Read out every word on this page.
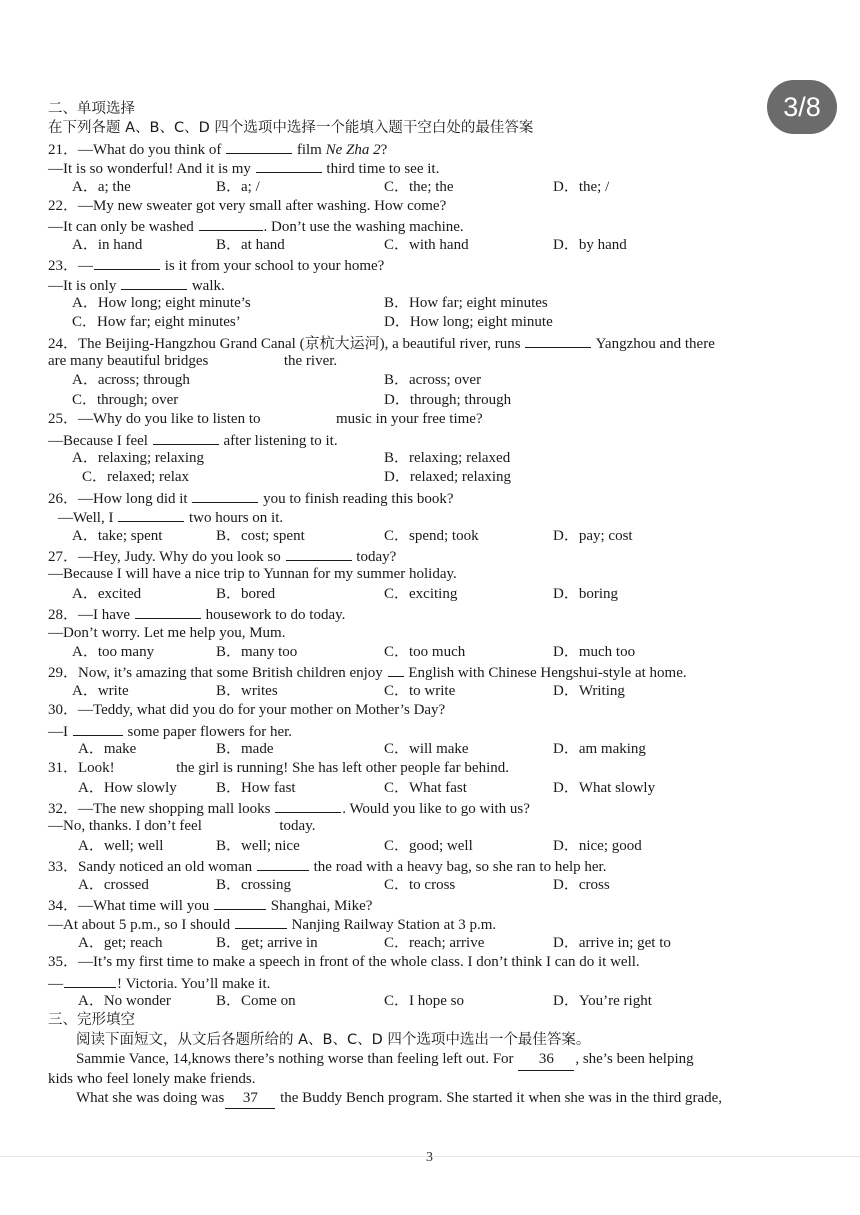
3/8
二、单项选择
在下列各题 A、B、C、D 四个选项中选择一个能填入题干空白处的最佳答案
21．—What do you think of	film Ne Zha 2?
—It is so wonderful! And it is my	third time to see it.
A．a; the	B．a; /	C．the; the	D．the; /
22．—My new sweater got very small after washing. How come?
—It can only be washed	. Don’t use the washing machine.
A．in hand	B．at hand	C．with hand	D．by hand
23．—	is it from your school to your home?
—It is only	walk.
A．How long; eight minute’s	B．How far; eight minutes
C．How far; eight minutes’	D．How long; eight minute
24．The Beijing-Hangzhou Grand Canal (京杭大运河), a beautiful river, runs	Yangzhou and there
are many beautiful bridges	the river.
A．across; through	B．across; over
C．through; over	D．through; through
25．—Why do you like to listen to	music in your free time?
—Because I feel	after listening to it.
A．relaxing; relaxing	B．relaxing; relaxed
C．relaxed; relax	D．relaxed; relaxing
26．—How long did it	you to finish reading this book?
—Well, I	two hours on it.
A．take; spent	B．cost; spent	C．spend; took	D．pay; cost
27．—Hey, Judy. Why do you look so	today?
—Because I will have a nice trip to Yunnan for my summer holiday.
A．excited	B．bored	C．exciting	D．boring
28．—I have	housework to do today.
—Don’t worry. Let me help you, Mum.
A．too many	B．many too	C．too much	D．much too
29．Now, it’s amazing that some British children enjoy English with Chinese Hengshui-style at home.
A．write	B．writes	C．to write	D．Writing
30．—Teddy, what did you do for your mother on Mother’s Day?
—I	some paper flowers for her.
A．make	B．made	C．will make	D．am making
31．Look!	the girl is running! She has left other people far behind.
A．How slowly	B．How fast	C．What fast	D．What slowly
32．—The new shopping mall looks	. Would you like to go with us?
—No, thanks. I don’t feel	today.
A．well; well	B．well; nice	C．good; well	D．nice; good
33．Sandy noticed an old woman	the road with a heavy bag, so she ran to help her.
A．crossed	B．crossing	C．to cross	D．cross
34．—What time will you	Shanghai, Mike?
—At about 5 p.m., so I should	Nanjing Railway Station at 3 p.m.
A．get; reach	B．get; arrive in	C．reach; arrive	D．arrive in; get to
35．—It’s my first time to make a speech in front of the whole class. I don’t think I can do it well.
—	! Victoria. You’ll make it.
A．No wonder	B．Come on	C．I hope so	D．You’re right
三、完形填空
阅读下面短文，从文后各题所给的 A、B、C、D 四个选项中选出一个最佳答案。
Sammie Vance, 14,knows there’s nothing worse than feeling left out. For 36 , she’s been helping
kids who feel lonely make friends.
What she was doing was 37 the Buddy Bench program. She started it when she was in the third grade,
3
